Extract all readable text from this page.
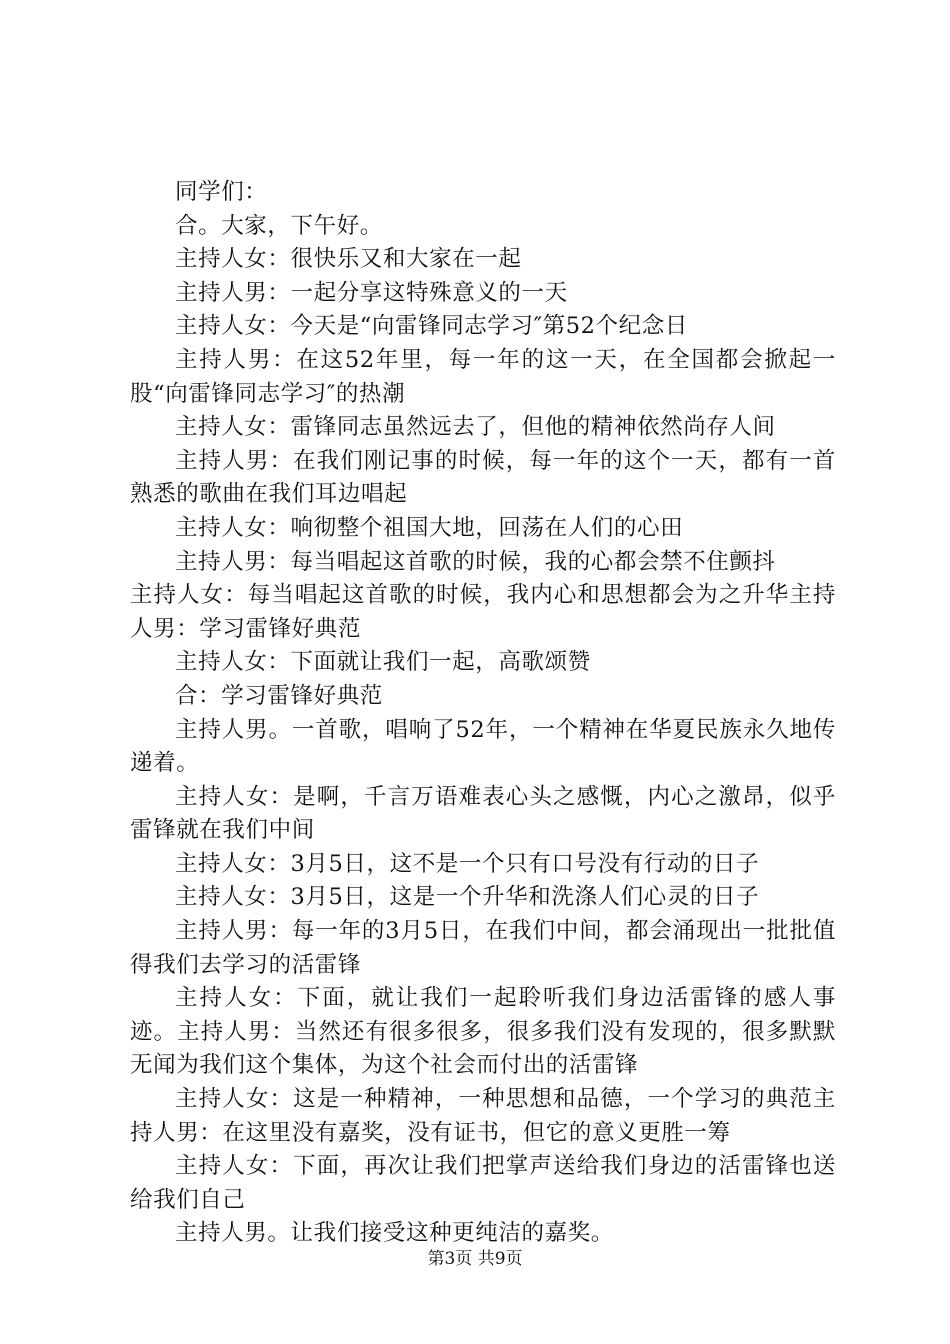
同学们：

合。大家，下午好。

主持人女：很快乐又和大家在一起

主持人男：一起分享这特殊意义的一天

主持人女：今天是“向雷锋同志学习″第52个纪念日

主持人男：在这52年里，每一年的这一天，在全国都会掀起一股“向雷锋同志学习″的热潮

主持人女：雷锋同志虽然远去了，但他的精神依然尚存人间

主持人男：在我们刚记事的时候，每一年的这个一天，都有一首熟悉的歌曲在我们耳边唱起

主持人女：响彻整个祖国大地，回荡在人们的心田

主持人男：每当唱起这首歌的时候，我的心都会禁不住颤抖

主持人女：每当唱起这首歌的时候，我内心和思想都会为之升华主持人男：学习雷锋好典范

主持人女：下面就让我们一起，高歌颂赞

合：学习雷锋好典范

主持人男。一首歌，唱响了52年，一个精神在华夏民族永久地传递着。

主持人女：是啊，千言万语难表心头之感慨，内心之激昂，似乎雷锋就在我们中间

主持人女：3月5日，这不是一个只有口号没有行动的日子

主持人女：3月5日，这是一个升华和洗涤人们心灵的日子

主持人男：每一年的3月5日，在我们中间，都会涌现出一批批值得我们去学习的活雷锋

主持人女：下面，就让我们一起聆听我们身边活雷锋的感人事迹。主持人男：当然还有很多很多，很多我们没有发现的，很多默默无闻为我们这个集体，为这个社会而付出的活雷锋

主持人女：这是一种精神，一种思想和品德，一个学习的典范主持人男：在这里没有嘉奖，没有证书，但它的意义更胜一筹

主持人女：下面，再次让我们把掌声送给我们身边的活雷锋也送给我们自己

主持人男。让我们接受这种更纯洁的嘉奖。

第3页 共9页
